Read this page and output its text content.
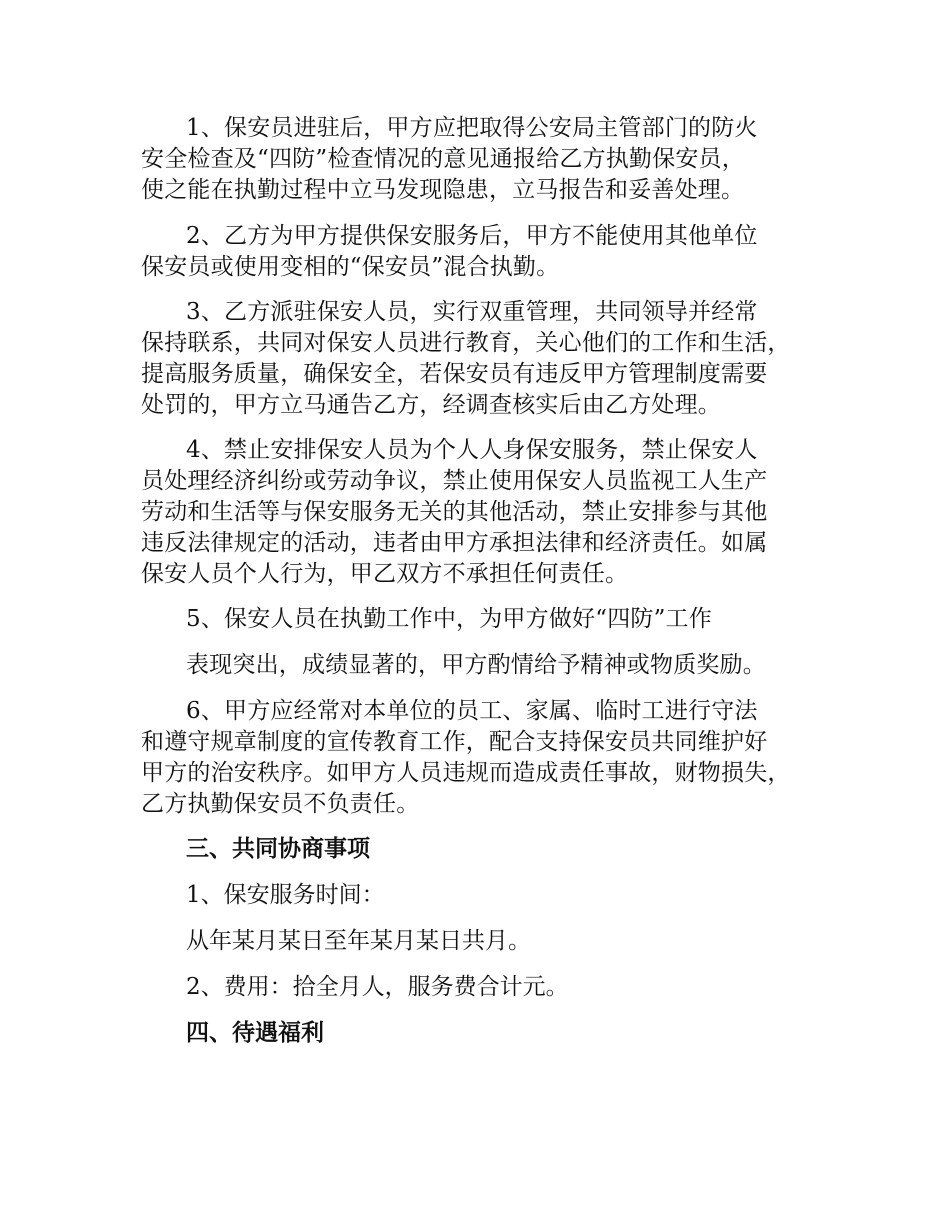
1、保安员进驻后，甲方应把取得公安局主管部门的防火
安全检查及“四防”检查情况的意见通报给乙方执勤保安员，
使之能在执勤过程中立马发现隐患，立马报告和妥善处理。
2、乙方为甲方提供保安服务后，甲方不能使用其他单位
保安员或使用变相的“保安员”混合执勤。
3、乙方派驻保安人员，实行双重管理，共同领导并经常
保持联系，共同对保安人员进行教育，关心他们的工作和生活，
提高服务质量，确保安全，若保安员有违反甲方管理制度需要
处罚的，甲方立马通告乙方，经调查核实后由乙方处理。
4、禁止安排保安人员为个人人身保安服务，禁止保安人
员处理经济纠纷或劳动争议，禁止使用保安人员监视工人生产
劳动和生活等与保安服务无关的其他活动，禁止安排参与其他
违反法律规定的活动，违者由甲方承担法律和经济责任。如属
保安人员个人行为，甲乙双方不承担任何责任。
5、保安人员在执勤工作中，为甲方做好“四防”工作
表现突出，成绩显著的，甲方酌情给予精神或物质奖励。
6、甲方应经常对本单位的员工、家属、临时工进行守法
和遵守规章制度的宣传教育工作，配合支持保安员共同维护好
甲方的治安秩序。如甲方人员违规而造成责任事故，财物损失，
乙方执勤保安员不负责任。
三、共同协商事项
1、保安服务时间：
从年某月某日至年某月某日共月。
2、费用：拾全月人，服务费合计元。
四、待遇福利
